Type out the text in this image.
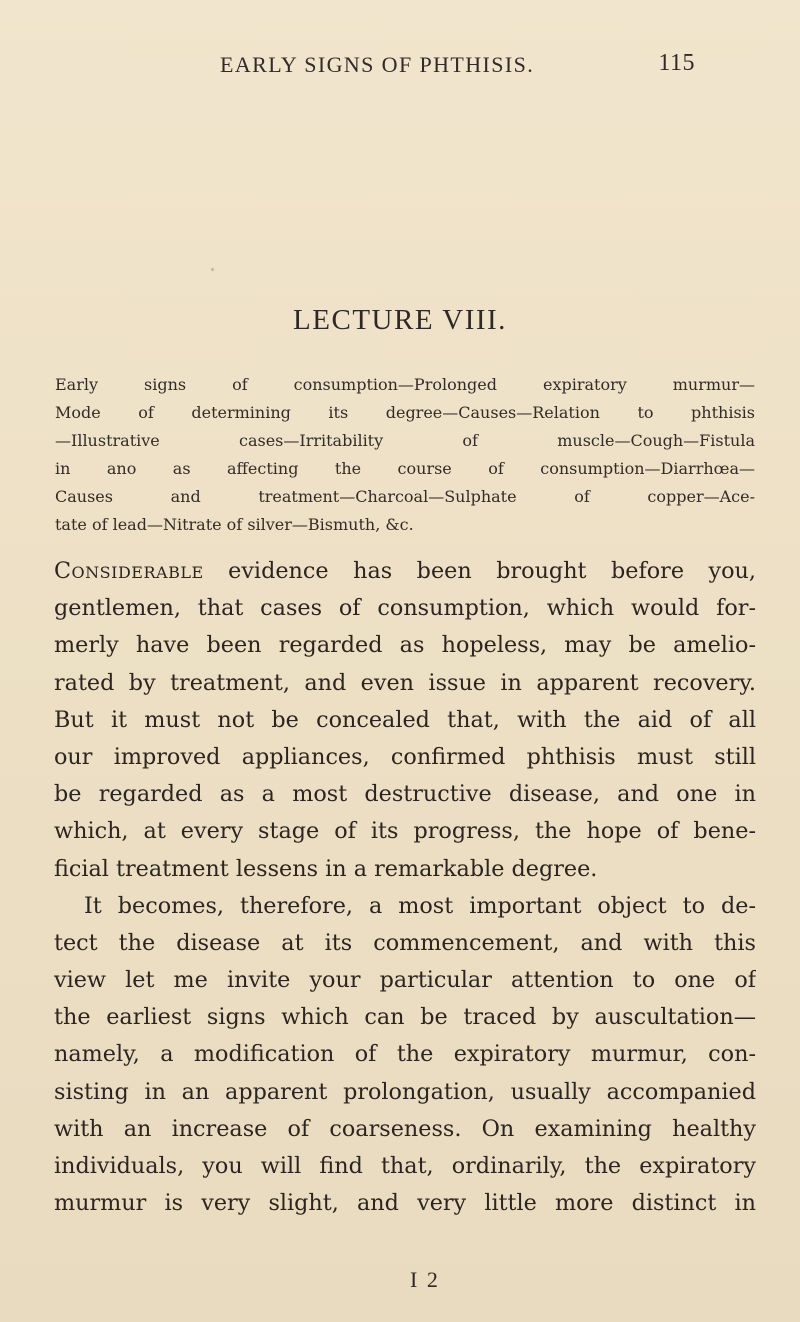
EARLY SIGNS OF PHTHISIS.	115
LECTURE VIII.
Early signs of consumption—Prolonged expiratory murmur—
Mode of determining its degree—Causes—Relation to phthisis
—Illustrative cases—Irritability of muscle—Cough—Fistula
in ano as affecting the course of consumption—Diarrhœa—
Causes and treatment—Charcoal—Sulphate of copper—Ace-
tate of lead—Nitrate of silver—Bismuth, &c.
Considerable evidence has been brought before you,
gentlemen, that cases of consumption, which would for-
merly have been regarded as hopeless, may be amelio-
rated by treatment, and even issue in apparent recovery.
But it must not be concealed that, with the aid of all
our improved appliances, confirmed phthisis must still
be regarded as a most destructive disease, and one in
which, at every stage of its progress, the hope of bene-
ficial treatment lessens in a remarkable degree.
It becomes, therefore, a most important object to de-
tect the disease at its commencement, and with this
view let me invite your particular attention to one of
the earliest signs which can be traced by auscultation—
namely, a modification of the expiratory murmur, con-
sisting in an apparent prolongation, usually accompanied
with an increase of coarseness. On examining healthy
individuals, you will find that, ordinarily, the expiratory
murmur is very slight, and very little more distinct in
I 2
